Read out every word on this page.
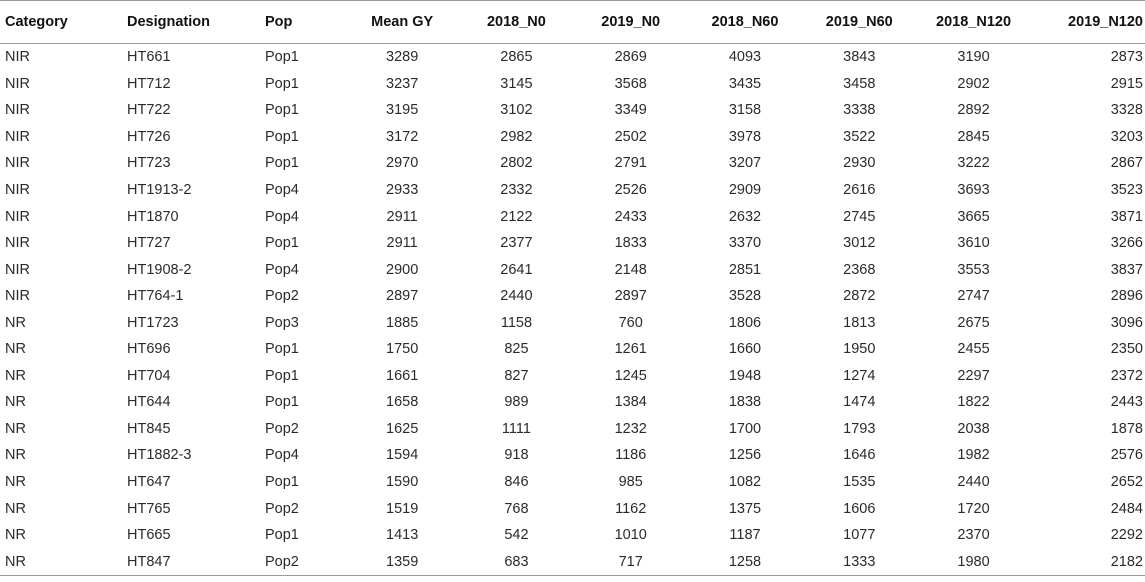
Category	Designation	Pop	Mean GY	2018_N0	2019_N0	2018_N60	2019_N60	2018_N120	2019_N120
NIR	HT661	Pop1	3289	2865	2869	4093	3843	3190	2873
NIR	HT712	Pop1	3237	3145	3568	3435	3458	2902	2915
NIR	HT722	Pop1	3195	3102	3349	3158	3338	2892	3328
NIR	HT726	Pop1	3172	2982	2502	3978	3522	2845	3203
NIR	HT723	Pop1	2970	2802	2791	3207	2930	3222	2867
NIR	HT1913-2	Pop4	2933	2332	2526	2909	2616	3693	3523
NIR	HT1870	Pop4	2911	2122	2433	2632	2745	3665	3871
NIR	HT727	Pop1	2911	2377	1833	3370	3012	3610	3266
NIR	HT1908-2	Pop4	2900	2641	2148	2851	2368	3553	3837
NIR	HT764-1	Pop2	2897	2440	2897	3528	2872	2747	2896
NR	HT1723	Pop3	1885	1158	760	1806	1813	2675	3096
NR	HT696	Pop1	1750	825	1261	1660	1950	2455	2350
NR	HT704	Pop1	1661	827	1245	1948	1274	2297	2372
NR	HT644	Pop1	1658	989	1384	1838	1474	1822	2443
NR	HT845	Pop2	1625	1111	1232	1700	1793	2038	1878
NR	HT1882-3	Pop4	1594	918	1186	1256	1646	1982	2576
NR	HT647	Pop1	1590	846	985	1082	1535	2440	2652
NR	HT765	Pop2	1519	768	1162	1375	1606	1720	2484
NR	HT665	Pop1	1413	542	1010	1187	1077	2370	2292
NR	HT847	Pop2	1359	683	717	1258	1333	1980	2182
